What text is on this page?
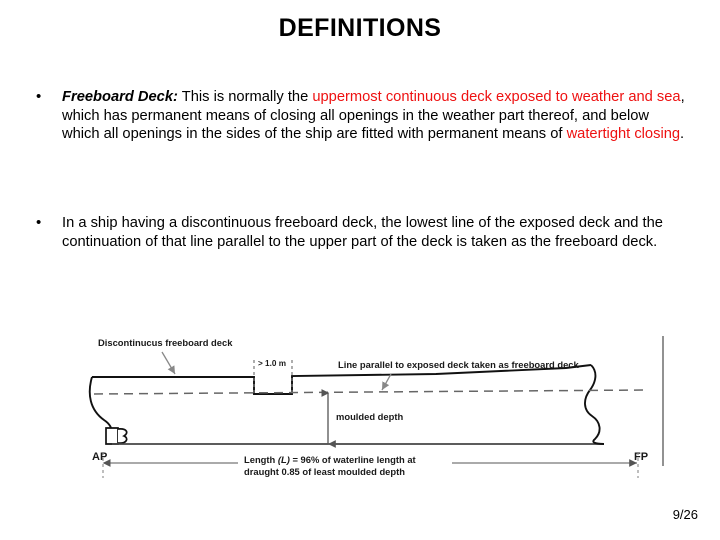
DEFINITIONS
• Freeboard Deck: This is normally the uppermost continuous deck exposed to weather and sea, which has permanent means of closing all openings in the weather part thereof, and below which all openings in the sides of the ship are fitted with permanent means of watertight closing.
• In a ship having a discontinuous freeboard deck, the lowest line of the exposed deck and the continuation of that line parallel to the upper part of the deck is taken as the freeboard deck.
> 1.0 m
Discontinucus freeboard deck
Line parallel to exposed deck taken as freeboard deck
moulded depth
AP	FP
Length (L) = 96% of waterline length at
draught 0.85 of least moulded depth
9/26
